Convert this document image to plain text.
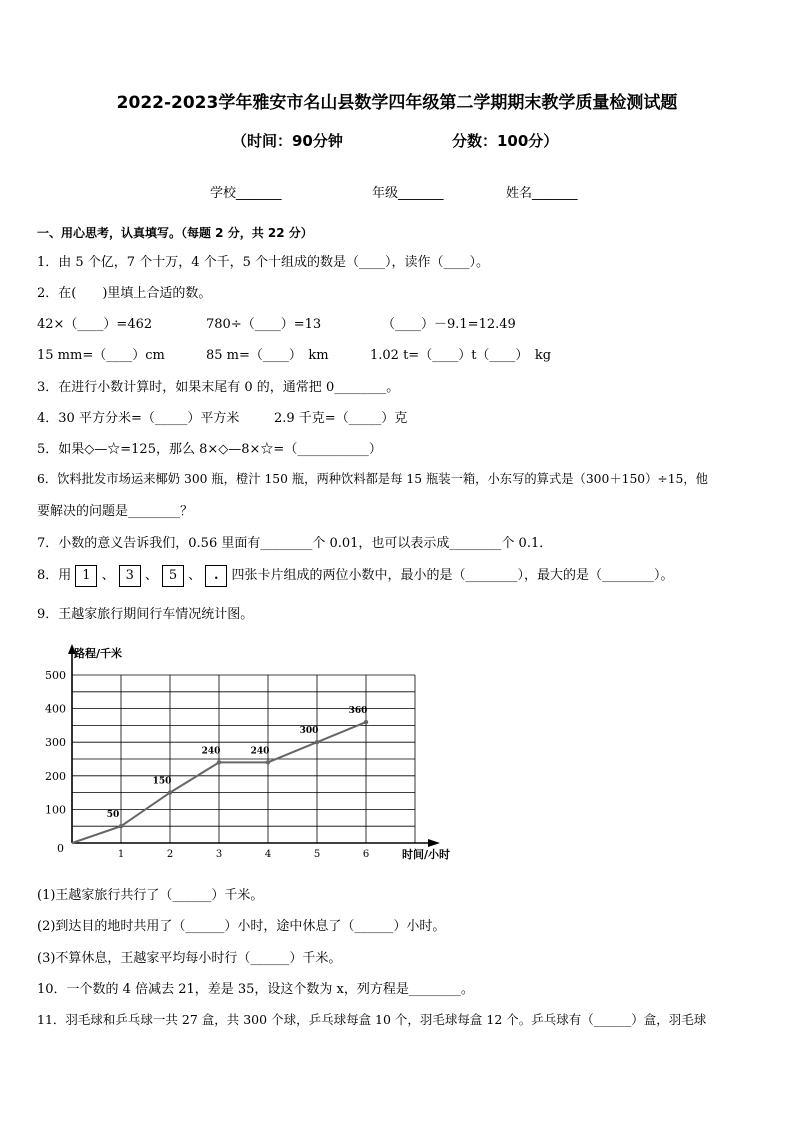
2022-2023学年雅安市名山县数学四年级第二学期期末教学质量检测试题
（时间：90分钟	分数：100分）
学校_______	年级_______	姓名_______
一、用心思考，认真填写。（每题 2 分，共 22 分）
1．由 5 个亿，7 个十万，4 个千，5 个十组成的数是（____），读作（____）。
2．在(　　)里填上合适的数。
42×（____）=462	780÷（____）=13	（____）－9.1=12.49
15 mm=（____）cm	85 m=（____）　km	1.02 t=（____）t（____）　kg
3．在进行小数计算时，如果末尾有 0 的，通常把 0________。
4．30 平方分米=（_____）平方米	2.9 千克=（_____）克
5．如果◇—☆=125，那么 8×◇—8×☆=（___________）
6．饮料批发市场运来椰奶 300 瓶，橙汁 150 瓶，两种饮料都是每 15 瓶装一箱，小东写的算式是（300＋150）÷15，他
要解决的问题是________？
7．小数的意义告诉我们，0.56 里面有________个 0.01，也可以表示成________个 0.1．
8．用 1 、 3 、 5 、 . 四张卡片组成的两位小数中，最小的是（________），最大的是（________）。
9．王越家旅行期间行车情况统计图。
路程/千米
时间/小时
100
200
300
400
500
0	1	2	3	4	5	6
50
150
240	240
300
360
(1)王越家旅行共行了（______）千米。
(2)到达目的地时共用了（______）小时，途中休息了（______）小时。
(3)不算休息，王越家平均每小时行（______）千米。
10．一个数的 4 倍减去 21，差是 35，设这个数为 x，列方程是________。
11．羽毛球和乒乓球一共 27 盒，共 300 个球，乒乓球每盒 10 个，羽毛球每盒 12 个。乒乓球有（______）盒，羽毛球
